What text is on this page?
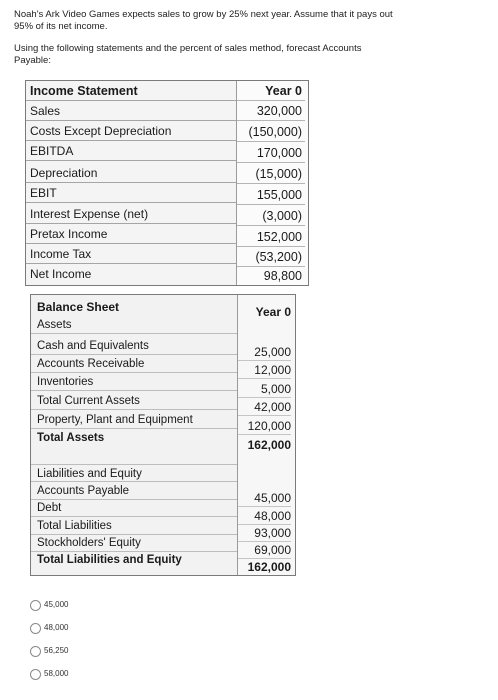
Noah's Ark Video Games expects sales to grow by 25% next year. Assume that it pays out 95% of its net income.
Using the following statements and the percent of sales method, forecast Accounts Payable:
Income Statement
Sales
Costs Except Depreciation
EBITDA
Depreciation
EBIT
Interest Expense (net)
Pretax Income
Income Tax
Net Income
Year 0
320,000
(150,000)
170,000
(15,000)
155,000
(3,000)
152,000
(53,200)
98,800
Balance Sheet
Assets
Cash and Equivalents
Accounts Receivable
Inventories
Total Current Assets
Property, Plant and Equipment
Total Assets
Liabilities and Equity
Accounts Payable
Debt
Total Liabilities
Stockholders' Equity
Total Liabilities and Equity
Year 0
25,000
12,000
5,000
42,000
120,000
162,000
45,000
48,000
93,000
69,000
162,000
45,000
48,000
56,250
58,000
